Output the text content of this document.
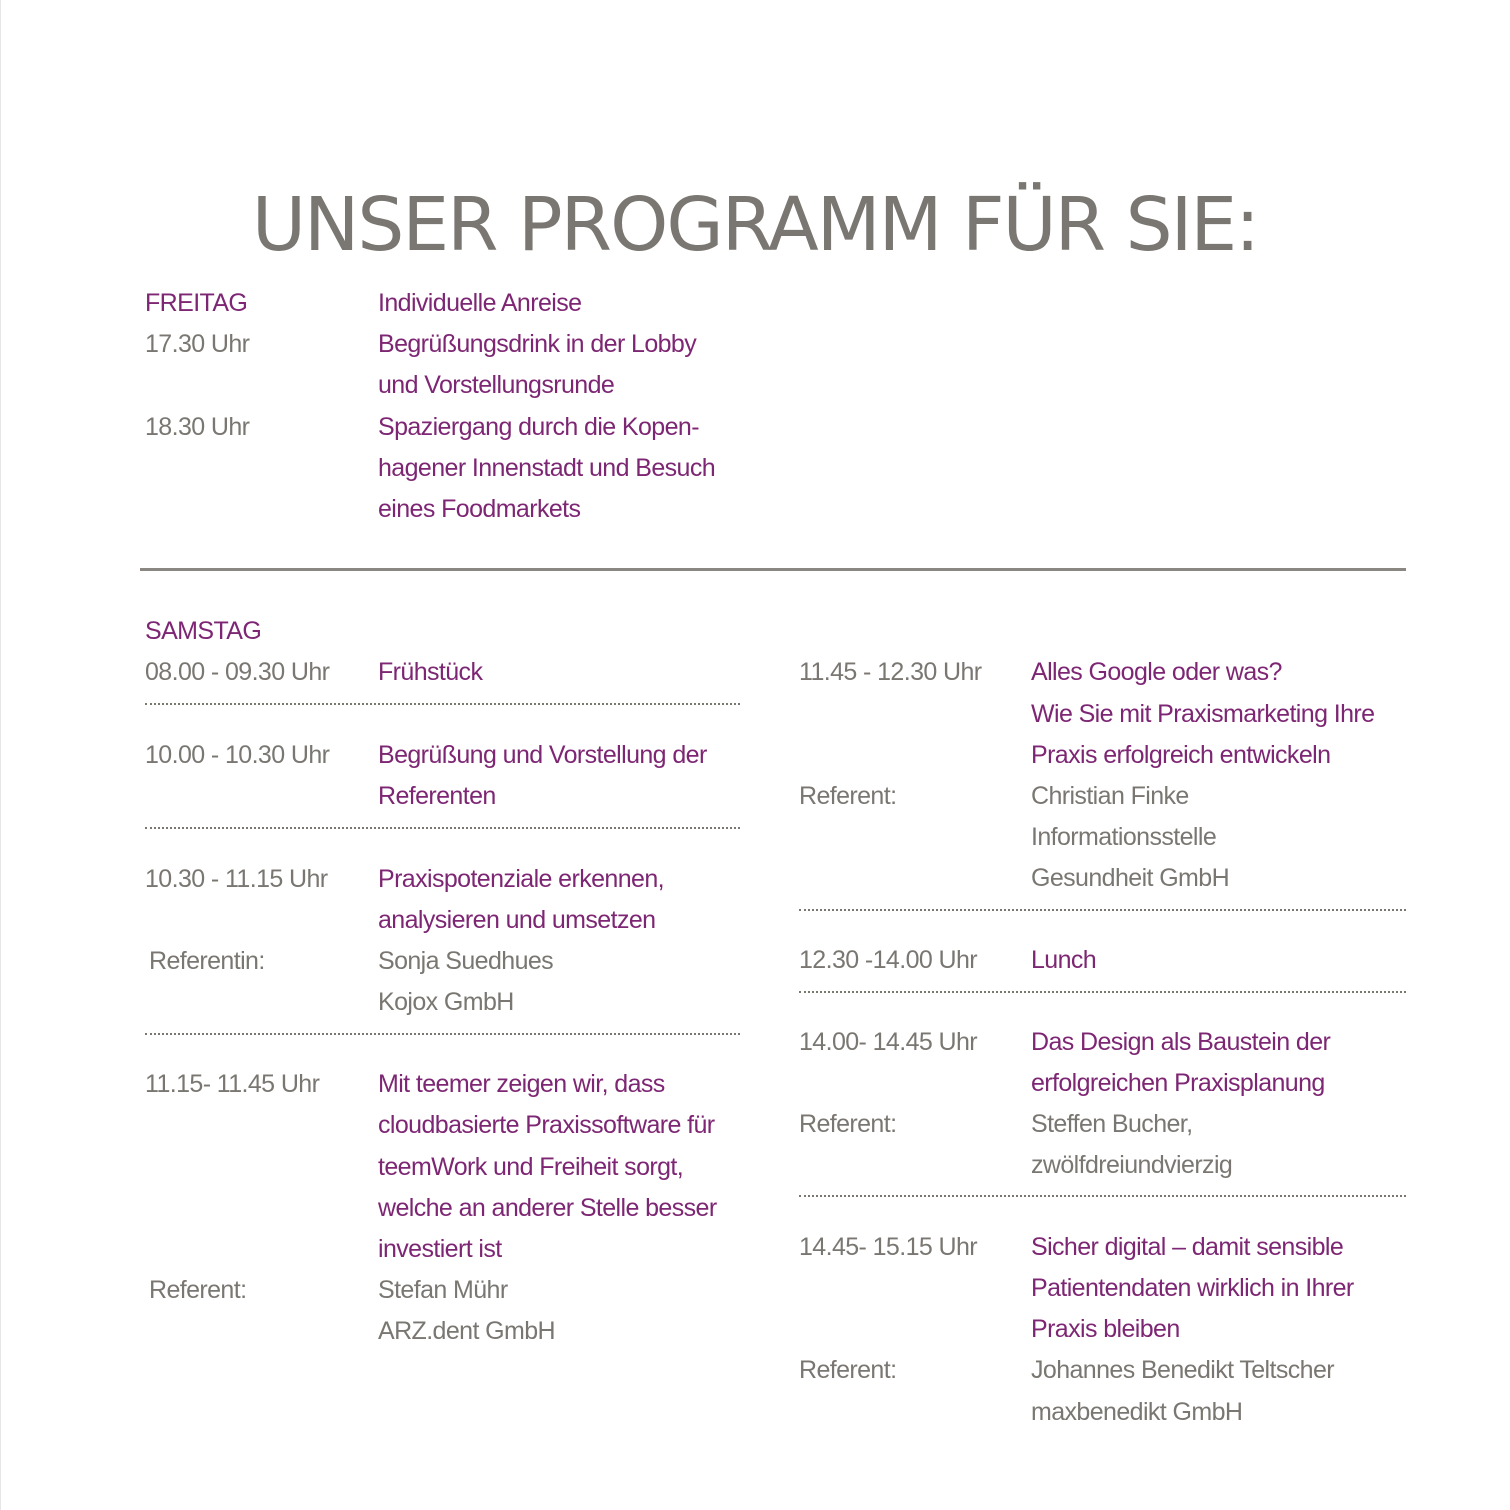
UNSER PROGRAMM FÜR SIE:
FREITAG	Individuelle Anreise
17.30 Uhr	Begrüßungsdrink in der Lobby
und Vorstellungsrunde
18.30 Uhr	Spaziergang durch die Kopen-
hagener Innenstadt und Besuch
eines Foodmarkets
SAMSTAG
08.00 - 09.30 Uhr Frühstück
10.00 - 10.30 Uhr Begrüßung und Vorstellung der
Referenten
10.30 - 11.15 Uhr Praxispotenziale erkennen,
analysieren und umsetzen
Referentin:	Sonja Suedhues
Kojox GmbH
11.15- 11.45 Uhr Mit teemer zeigen wir, dass
cloudbasierte Praxissoftware für
teemWork und Freiheit sorgt,
welche an anderer Stelle besser
investiert ist
Referent:	Stefan Mühr
ARZ.dent GmbH
11.45 - 12.30 Uhr Alles Google oder was?
Wie Sie mit Praxismarketing Ihre
Praxis erfolgreich entwickeln
Referent:	Christian Finke
Informationsstelle
Gesundheit GmbH
12.30 -14.00 Uhr Lunch
14.00- 14.45 Uhr Das Design als Baustein der
erfolgreichen Praxisplanung
Referent:	Steffen Bucher,
zwölfdreiundvierzig
14.45- 15.15 Uhr Sicher digital – damit sensible
Patientendaten wirklich in Ihrer
Praxis bleiben
Referent:	Johannes Benedikt Teltscher
maxbenedikt GmbH
